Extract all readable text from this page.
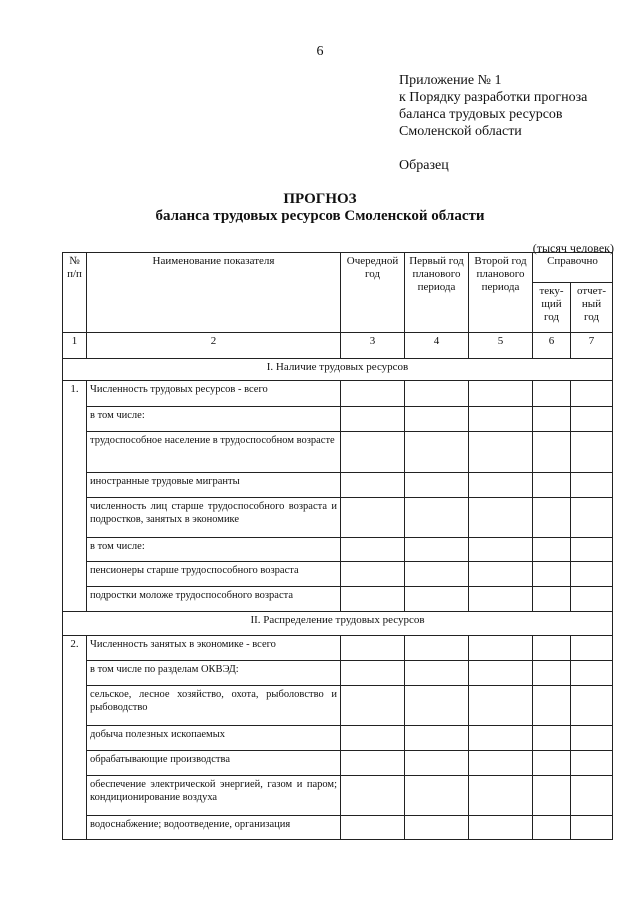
6
Приложение № 1
к Порядку разработки прогноза
баланса трудовых ресурсов
Смоленской области
Образец
ПРОГНОЗ
баланса трудовых ресурсов Смоленской области
(тысяч человек)
№ п/п	Наименование показателя	Очередной год	Первый год планового периода	Второй год планового периода	Справочно	
					теку- щий год	отчет- ный год
1	2	3	4	5	6	7
I. Наличие трудовых ресурсов						
1.	Численность трудовых ресурсов - всего					
	в том числе:					
	трудоспособное население в трудоспособном возрасте					
	иностранные трудовые мигранты					
	численность лиц старше трудоспособного возраста и подростков, занятых в экономике					
	в том числе:					
	пенсионеры старше трудоспособного возраста					
	подростки моложе трудоспособного возраста					
II. Распределение трудовых ресурсов						
2.	Численность занятых в экономике - всего					
	в том числе по разделам ОКВЭД:					
	сельское, лесное хозяйство, охота, рыболовство и рыбоводство					
	добыча полезных ископаемых					
	обрабатывающие производства					
	обеспечение электрической энергией, газом и паром; кондиционирование воздуха					
	водоснабжение; водоотведение, организация					
